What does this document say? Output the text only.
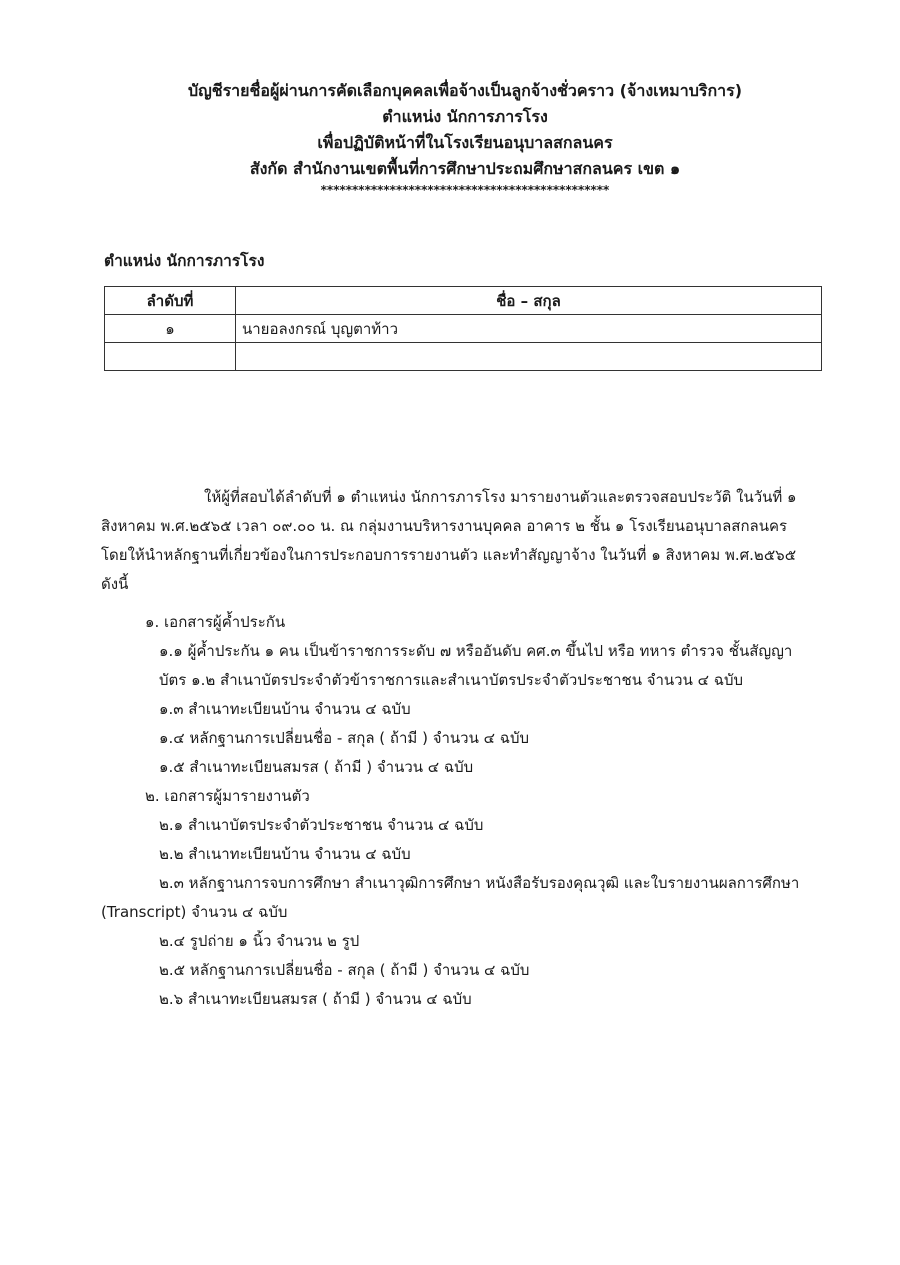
บัญชีรายชื่อผู้ผ่านการคัดเลือกบุคคลเพื่อจ้างเป็นลูกจ้างชั่วคราว (จ้างเหมาบริการ)
ตำแหน่ง นักการภารโรง
เพื่อปฏิบัติหน้าที่ในโรงเรียนอนุบาลสกลนคร
สังกัด สำนักงานเขตพื้นที่การศึกษาประถมศึกษาสกลนคร เขต ๑
**********************************************
ตำแหน่ง นักการภารโรง
ลำดับที่	ชื่อ – สกุล
๑	นายอลงกรณ์ บุญตาท้าว

ให้ผู้ที่สอบได้ลำดับที่ ๑ ตำแหน่ง นักการภารโรง มารายงานตัวและตรวจสอบประวัติ ในวันที่ ๑ สิงหาคม พ.ศ.๒๕๖๕ เวลา ๐๙.๐๐ น. ณ กลุ่มงานบริหารงานบุคคล อาคาร ๒ ชั้น ๑ โรงเรียนอนุบาลสกลนคร โดยให้นำหลักฐานที่เกี่ยวข้องในการประกอบการรายงานตัว และทำสัญญาจ้าง ในวันที่ ๑ สิงหาคม พ.ศ.๒๕๖๕ ดังนี้
๑. เอกสารผู้ค้ำประกัน
๑.๑ ผู้ค้ำประกัน ๑ คน เป็นข้าราชการระดับ ๗ หรืออันดับ คศ.๓ ขึ้นไป หรือ ทหาร ตำรวจ ชั้นสัญญา
บัตร ๑.๒ สำเนาบัตรประจำตัวข้าราชการและสำเนาบัตรประจำตัวประชาชน จำนวน ๔ ฉบับ
๑.๓ สำเนาทะเบียนบ้าน จำนวน ๔ ฉบับ
๑.๔ หลักฐานการเปลี่ยนชื่อ - สกุล ( ถ้ามี ) จำนวน ๔ ฉบับ
๑.๕ สำเนาทะเบียนสมรส ( ถ้ามี ) จำนวน ๔ ฉบับ
๒. เอกสารผู้มารายงานตัว
๒.๑ สำเนาบัตรประจำตัวประชาชน จำนวน ๔ ฉบับ
๒.๒ สำเนาทะเบียนบ้าน จำนวน ๔ ฉบับ
๒.๓ หลักฐานการจบการศึกษา สำเนาวุฒิการศึกษา หนังสือรับรองคุณวุฒิ และใบรายงานผลการศึกษา
(Transcript) จำนวน ๔ ฉบับ
๒.๔ รูปถ่าย ๑ นิ้ว จำนวน ๒ รูป
๒.๕ หลักฐานการเปลี่ยนชื่อ - สกุล ( ถ้ามี ) จำนวน ๔ ฉบับ
๒.๖ สำเนาทะเบียนสมรส ( ถ้ามี ) จำนวน ๔ ฉบับ
